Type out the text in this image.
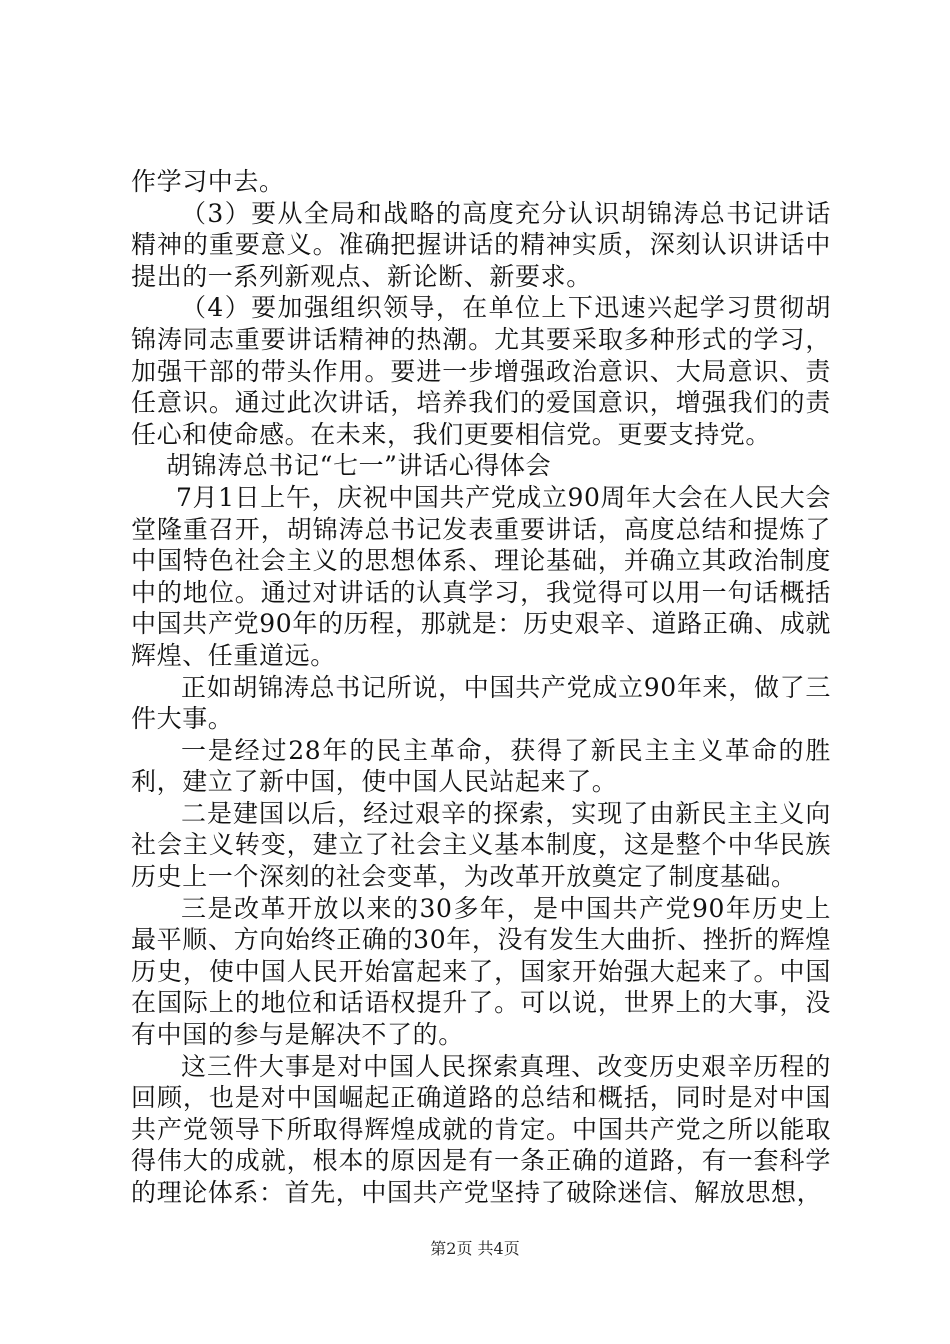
作学习中去。

（3）要从全局和战略的高度充分认识胡锦涛总书记讲话精神的重要意义。准确把握讲话的精神实质，深刻认识讲话中提出的一系列新观点、新论断、新要求。

（4）要加强组织领导，在单位上下迅速兴起学习贯彻胡锦涛同志重要讲话精神的热潮。尤其要采取多种形式的学习，加强干部的带头作用。要进一步增强政治意识、大局意识、责任意识。通过此次讲话，培养我们的爱国意识，增强我们的责任心和使命感。在未来，我们更要相信党。更要支持党。

胡锦涛总书记“七一”讲话心得体会

7月1日上午，庆祝中国共产党成立90周年大会在人民大会堂隆重召开，胡锦涛总书记发表重要讲话，高度总结和提炼了中国特色社会主义的思想体系、理论基础，并确立其政治制度中的地位。通过对讲话的认真学习，我觉得可以用一句话概括中国共产党90年的历程，那就是：历史艰辛、道路正确、成就辉煌、任重道远。

正如胡锦涛总书记所说，中国共产党成立90年来，做了三件大事。

一是经过28年的民主革命，获得了新民主主义革命的胜利，建立了新中国，使中国人民站起来了。

二是建国以后，经过艰辛的探索，实现了由新民主主义向社会主义转变，建立了社会主义基本制度，这是整个中华民族历史上一个深刻的社会变革，为改革开放奠定了制度基础。

三是改革开放以来的30多年，是中国共产党90年历史上最平顺、方向始终正确的30年，没有发生大曲折、挫折的辉煌历史，使中国人民开始富起来了，国家开始强大起来了。中国在国际上的地位和话语权提升了。可以说，世界上的大事，没有中国的参与是解决不了的。

这三件大事是对中国人民探索真理、改变历史艰辛历程的回顾，也是对中国崛起正确道路的总结和概括，同时是对中国共产党领导下所取得辉煌成就的肯定。中国共产党之所以能取得伟大的成就，根本的原因是有一条正确的道路，有一套科学的理论体系：首先，中国共产党坚持了破除迷信、解放思想，

第2页 共4页
